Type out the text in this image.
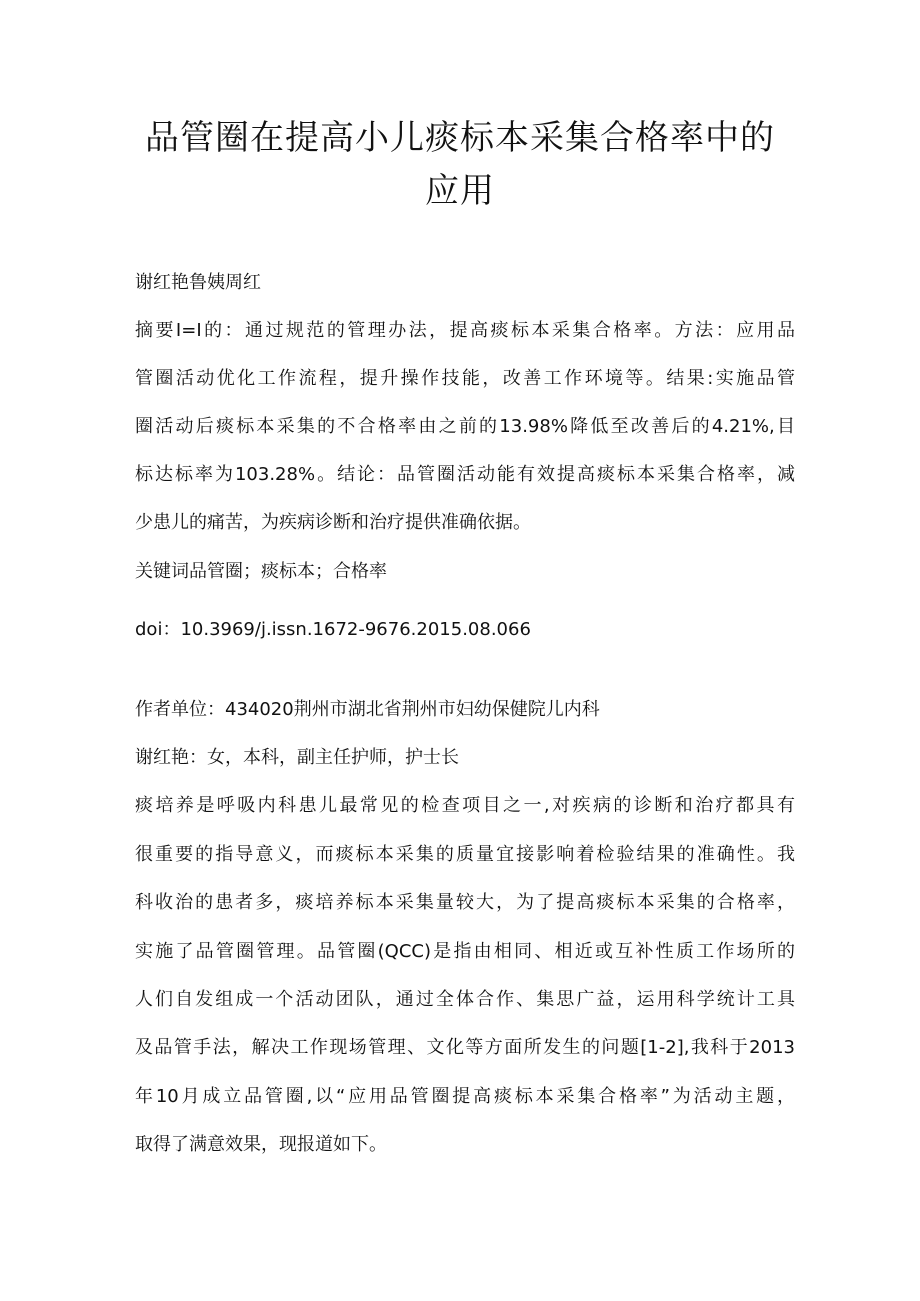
品管圈在提高小儿痰标本采集合格率中的
应用

谢红艳鲁姨周红

摘要I=I的：通过规范的管理办法，提高痰标本采集合格率。方法：应用品

管圈活动优化工作流程，提升操作技能，改善工作环境等。结果:实施品管

圈活动后痰标本采集的不合格率由之前的13.98%降低至改善后的4.21%,目

标达标率为103.28%。结论：品管圈活动能有效提高痰标本采集合格率，减

少患儿的痛苦，为疾病诊断和治疗提供准确依据。

关键词品管圈；痰标本；合格率

doi：10.3969/j.issn.1672-9676.2015.08.066

作者单位：434020荆州市湖北省荆州市妇幼保健院儿内科

谢红艳：女，本科，副主任护师，护士长

痰培养是呼吸内科患儿最常见的检查项目之一,对疾病的诊断和治疗都具有

很重要的指导意义，而痰标本采集的质量宜接影响着检验结果的准确性。我

科收治的患者多，痰培养标本采集量较大，为了提高痰标本采集的合格率，

实施了品管圈管理。品管圈(QCC)是指由相同、相近或互补性质工作场所的

人们自发组成一个活动团队，通过全体合作、集思广益，运用科学统计工具

及品管手法，解决工作现场管理、文化等方面所发生的问题[1-2],我科于2013

年10月成立品管圈,以“应用品管圈提高痰标本采集合格率”为活动主题，

取得了满意效果，现报道如下。
